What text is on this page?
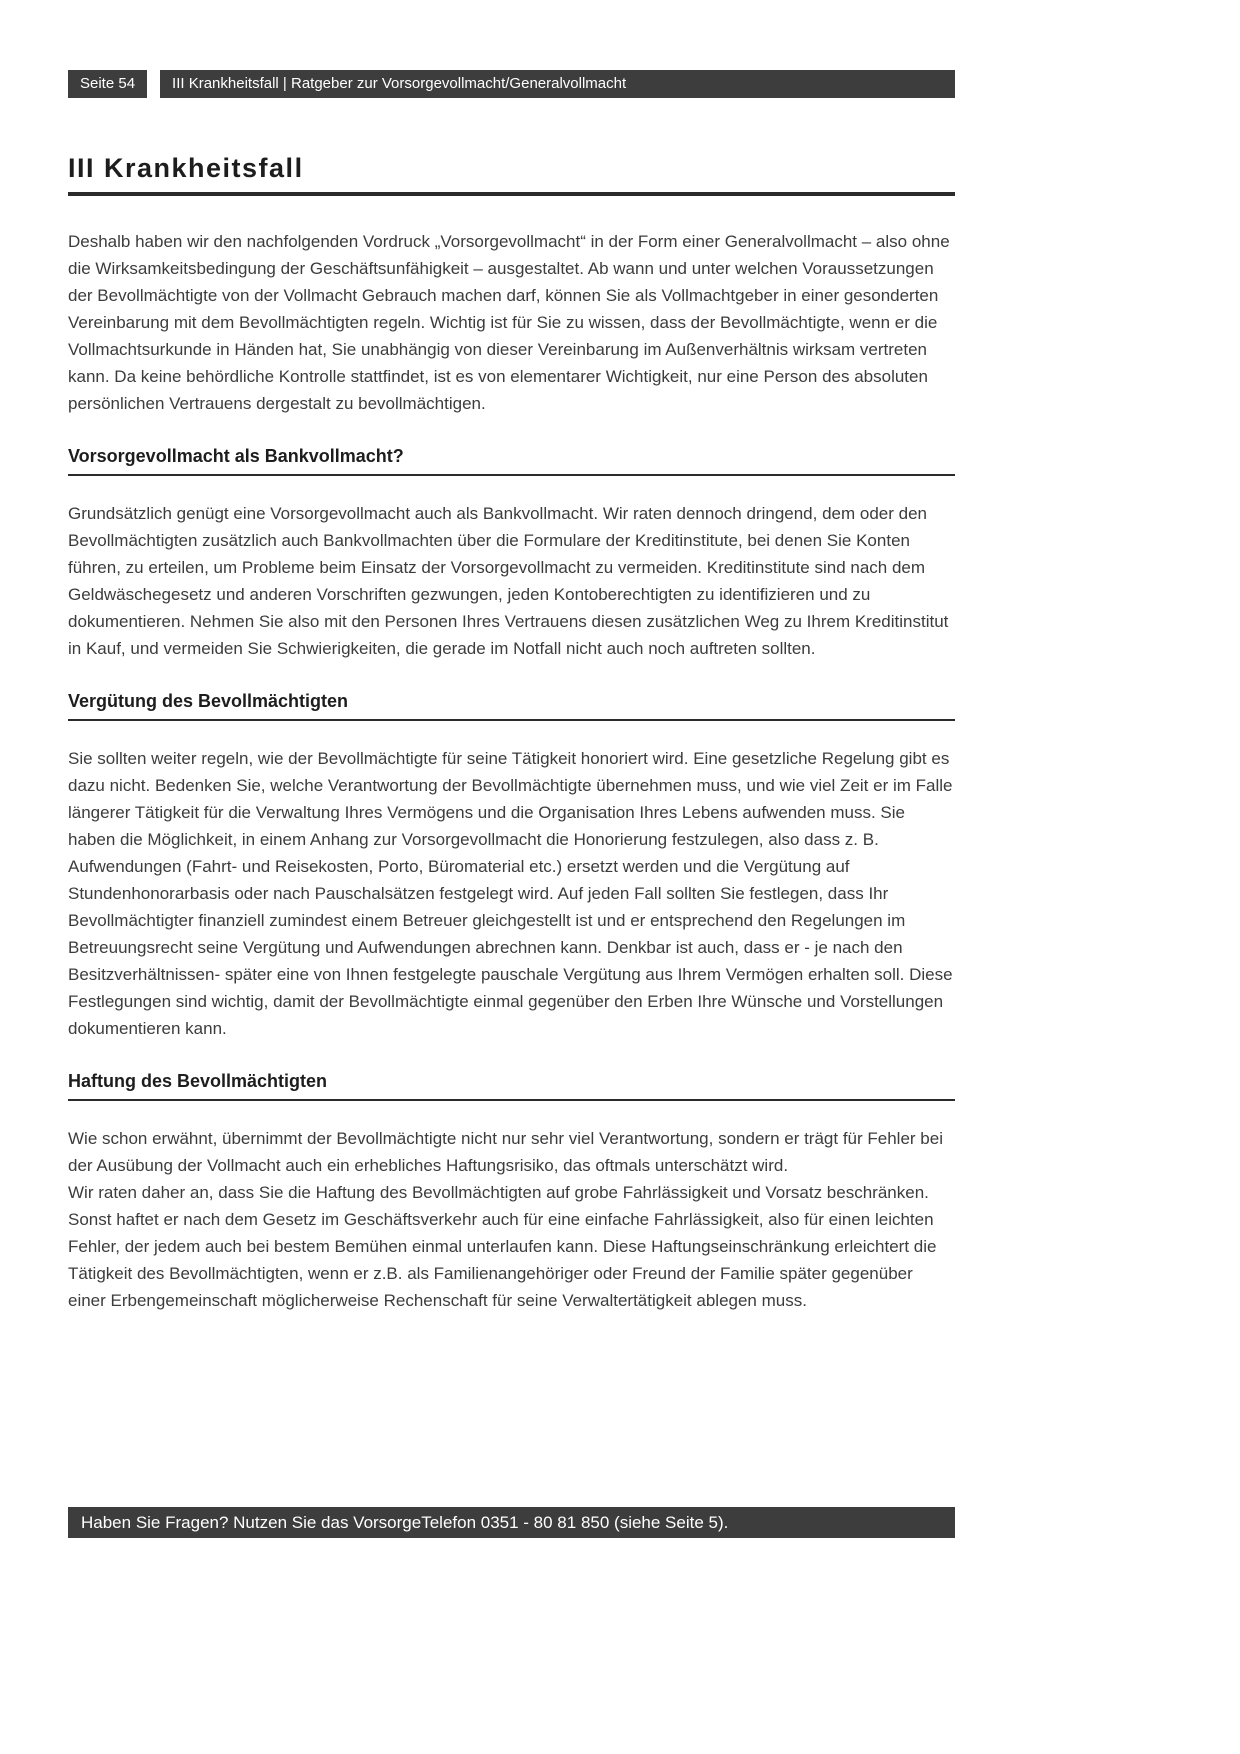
Seite 54	III Krankheitsfall | Ratgeber zur Vorsorgevollmacht/Generalvollmacht
III Krankheitsfall

Deshalb haben wir den nachfolgenden Vordruck „Vorsorgevollmacht“ in der Form einer Generalvollmacht – also ohne die Wirksamkeitsbedingung der Geschäftsunfähigkeit – ausgestaltet. Ab wann und unter welchen Voraussetzungen der Bevollmächtigte von der Vollmacht Gebrauch machen darf, können Sie als Vollmachtgeber in einer gesonderten Vereinbarung mit dem Bevollmächtigten regeln. Wichtig ist für Sie zu wissen, dass der Bevollmächtigte, wenn er die Vollmachtsurkunde in Händen hat, Sie unabhängig von dieser Vereinbarung im Außenverhältnis wirksam vertreten kann. Da keine behördliche Kontrolle stattfindet, ist es von elementarer Wichtigkeit, nur eine Person des absoluten persönlichen Vertrauens dergestalt zu bevollmächtigen.

Vorsorgevollmacht als Bankvollmacht?

Grundsätzlich genügt eine Vorsorgevollmacht auch als Bankvollmacht. Wir raten dennoch dringend, dem oder den Bevollmächtigten zusätzlich auch Bankvollmachten über die Formulare der Kreditinstitute, bei denen Sie Konten führen, zu erteilen, um Probleme beim Einsatz der Vorsorgevollmacht zu vermeiden. Kreditinstitute sind nach dem Geldwäschegesetz und anderen Vorschriften gezwungen, jeden Kontoberechtigten zu identifizieren und zu dokumentieren. Nehmen Sie also mit den Personen Ihres Vertrauens diesen zusätzlichen Weg zu Ihrem Kreditinstitut in Kauf, und vermeiden Sie Schwierigkeiten, die gerade im Notfall nicht auch noch auftreten sollten.

Vergütung des Bevollmächtigten

Sie sollten weiter regeln, wie der Bevollmächtigte für seine Tätigkeit honoriert wird. Eine gesetzliche Regelung gibt es dazu nicht. Bedenken Sie, welche Verantwortung der Bevollmächtigte übernehmen muss, und wie viel Zeit er im Falle längerer Tätigkeit für die Verwaltung Ihres Vermögens und die Organisation Ihres Lebens aufwenden muss. Sie haben die Möglichkeit, in einem Anhang zur Vorsorgevollmacht die Honorierung festzulegen, also dass z. B. Aufwendungen (Fahrt- und Reisekosten, Porto, Büromaterial etc.) ersetzt werden und die Vergütung auf Stundenhonorarbasis oder nach Pauschalsätzen festgelegt wird. Auf jeden Fall sollten Sie festlegen, dass Ihr Bevollmächtigter finanziell zumindest einem Betreuer gleichgestellt ist und er entsprechend den Regelungen im Betreuungsrecht seine Vergütung und Aufwendungen abrechnen kann. Denkbar ist auch, dass er - je nach den Besitzverhältnissen- später eine von Ihnen festgelegte pauschale Vergütung aus Ihrem Vermögen erhalten soll. Diese Festlegungen sind wichtig, damit der Bevollmächtigte einmal gegenüber den Erben Ihre Wünsche und Vorstellungen dokumentieren kann.

Haftung des Bevollmächtigten

Wie schon erwähnt, übernimmt der Bevollmächtigte nicht nur sehr viel Verantwortung, sondern er trägt für Fehler bei der Ausübung der Vollmacht auch ein erhebliches Haftungsrisiko, das oftmals unterschätzt wird.

Wir raten daher an, dass Sie die Haftung des Bevollmächtigten auf grobe Fahrlässigkeit und Vorsatz beschränken. Sonst haftet er nach dem Gesetz im Geschäftsverkehr auch für eine einfache Fahrlässigkeit, also für einen leichten Fehler, der jedem auch bei bestem Bemühen einmal unterlaufen kann. Diese Haftungseinschränkung erleichtert die Tätigkeit des Bevollmächtigten, wenn er z.B. als Familienangehöriger oder Freund der Familie später gegenüber einer Erbengemeinschaft möglicherweise Rechenschaft für seine Verwaltertätigkeit ablegen muss.

Haben Sie Fragen? Nutzen Sie das VorsorgeTelefon 0351 - 80 81 850 (siehe Seite 5).
